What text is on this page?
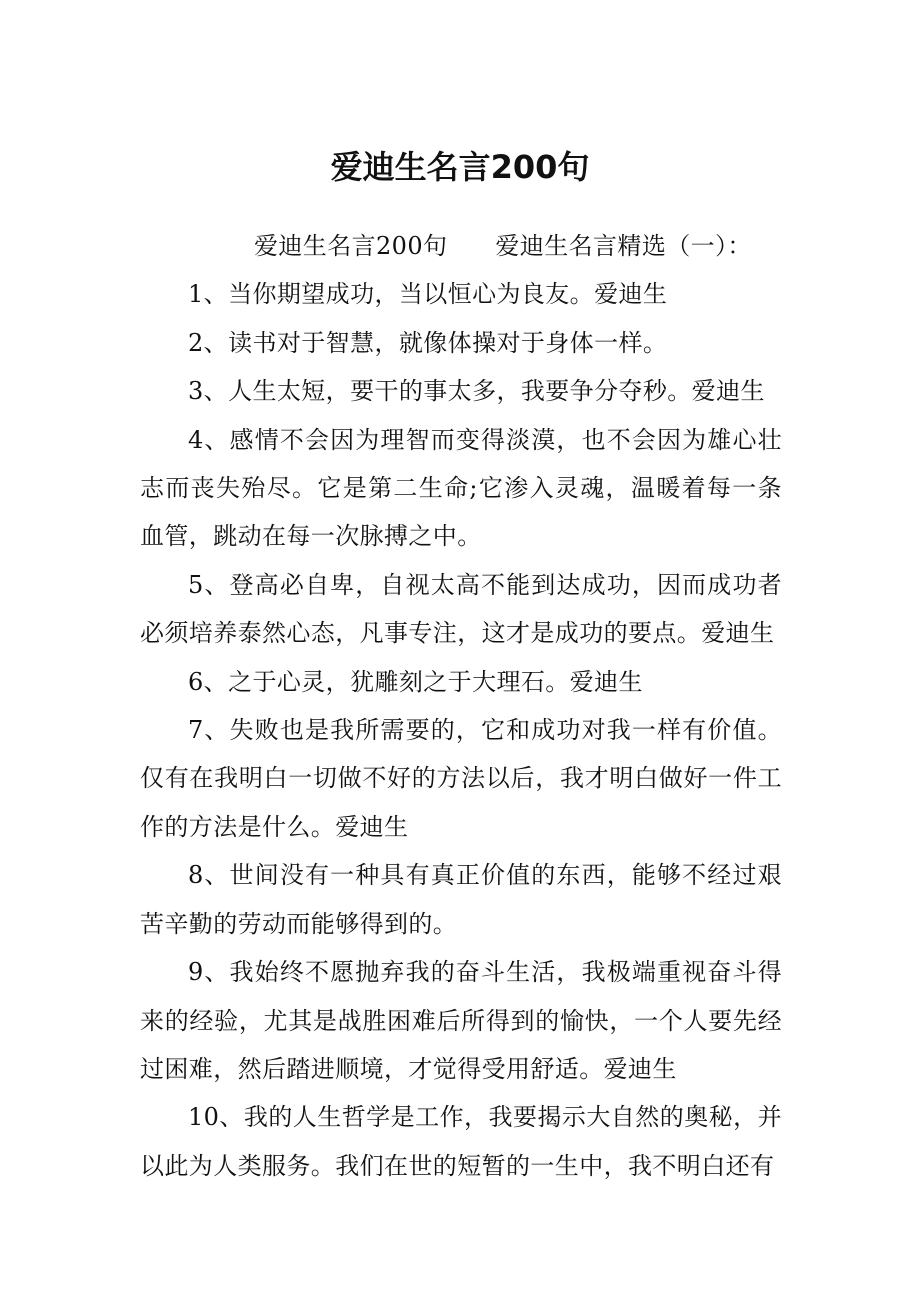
爱迪生名言200句

爱迪生名言200句 爱迪生名言精选（一）：

1、当你期望成功，当以恒心为良友。爱迪生

2、读书对于智慧，就像体操对于身体一样。

3、人生太短，要干的事太多，我要争分夺秒。爱迪生

4、感情不会因为理智而变得淡漠，也不会因为雄心壮志而丧失殆尽。它是第二生命;它渗入灵魂，温暖着每一条血管，跳动在每一次脉搏之中。

5、登高必自卑，自视太高不能到达成功，因而成功者必须培养泰然心态，凡事专注，这才是成功的要点。爱迪生

6、之于心灵，犹雕刻之于大理石。爱迪生

7、失败也是我所需要的，它和成功对我一样有价值。仅有在我明白一切做不好的方法以后，我才明白做好一件工作的方法是什么。爱迪生

8、世间没有一种具有真正价值的东西，能够不经过艰苦辛勤的劳动而能够得到的。

9、我始终不愿抛弃我的奋斗生活，我极端重视奋斗得来的经验，尤其是战胜困难后所得到的愉快，一个人要先经过困难，然后踏进顺境，才觉得受用舒适。爱迪生

10、我的人生哲学是工作，我要揭示大自然的奥秘，并以此为人类服务。我们在世的短暂的一生中，我不明白还有
